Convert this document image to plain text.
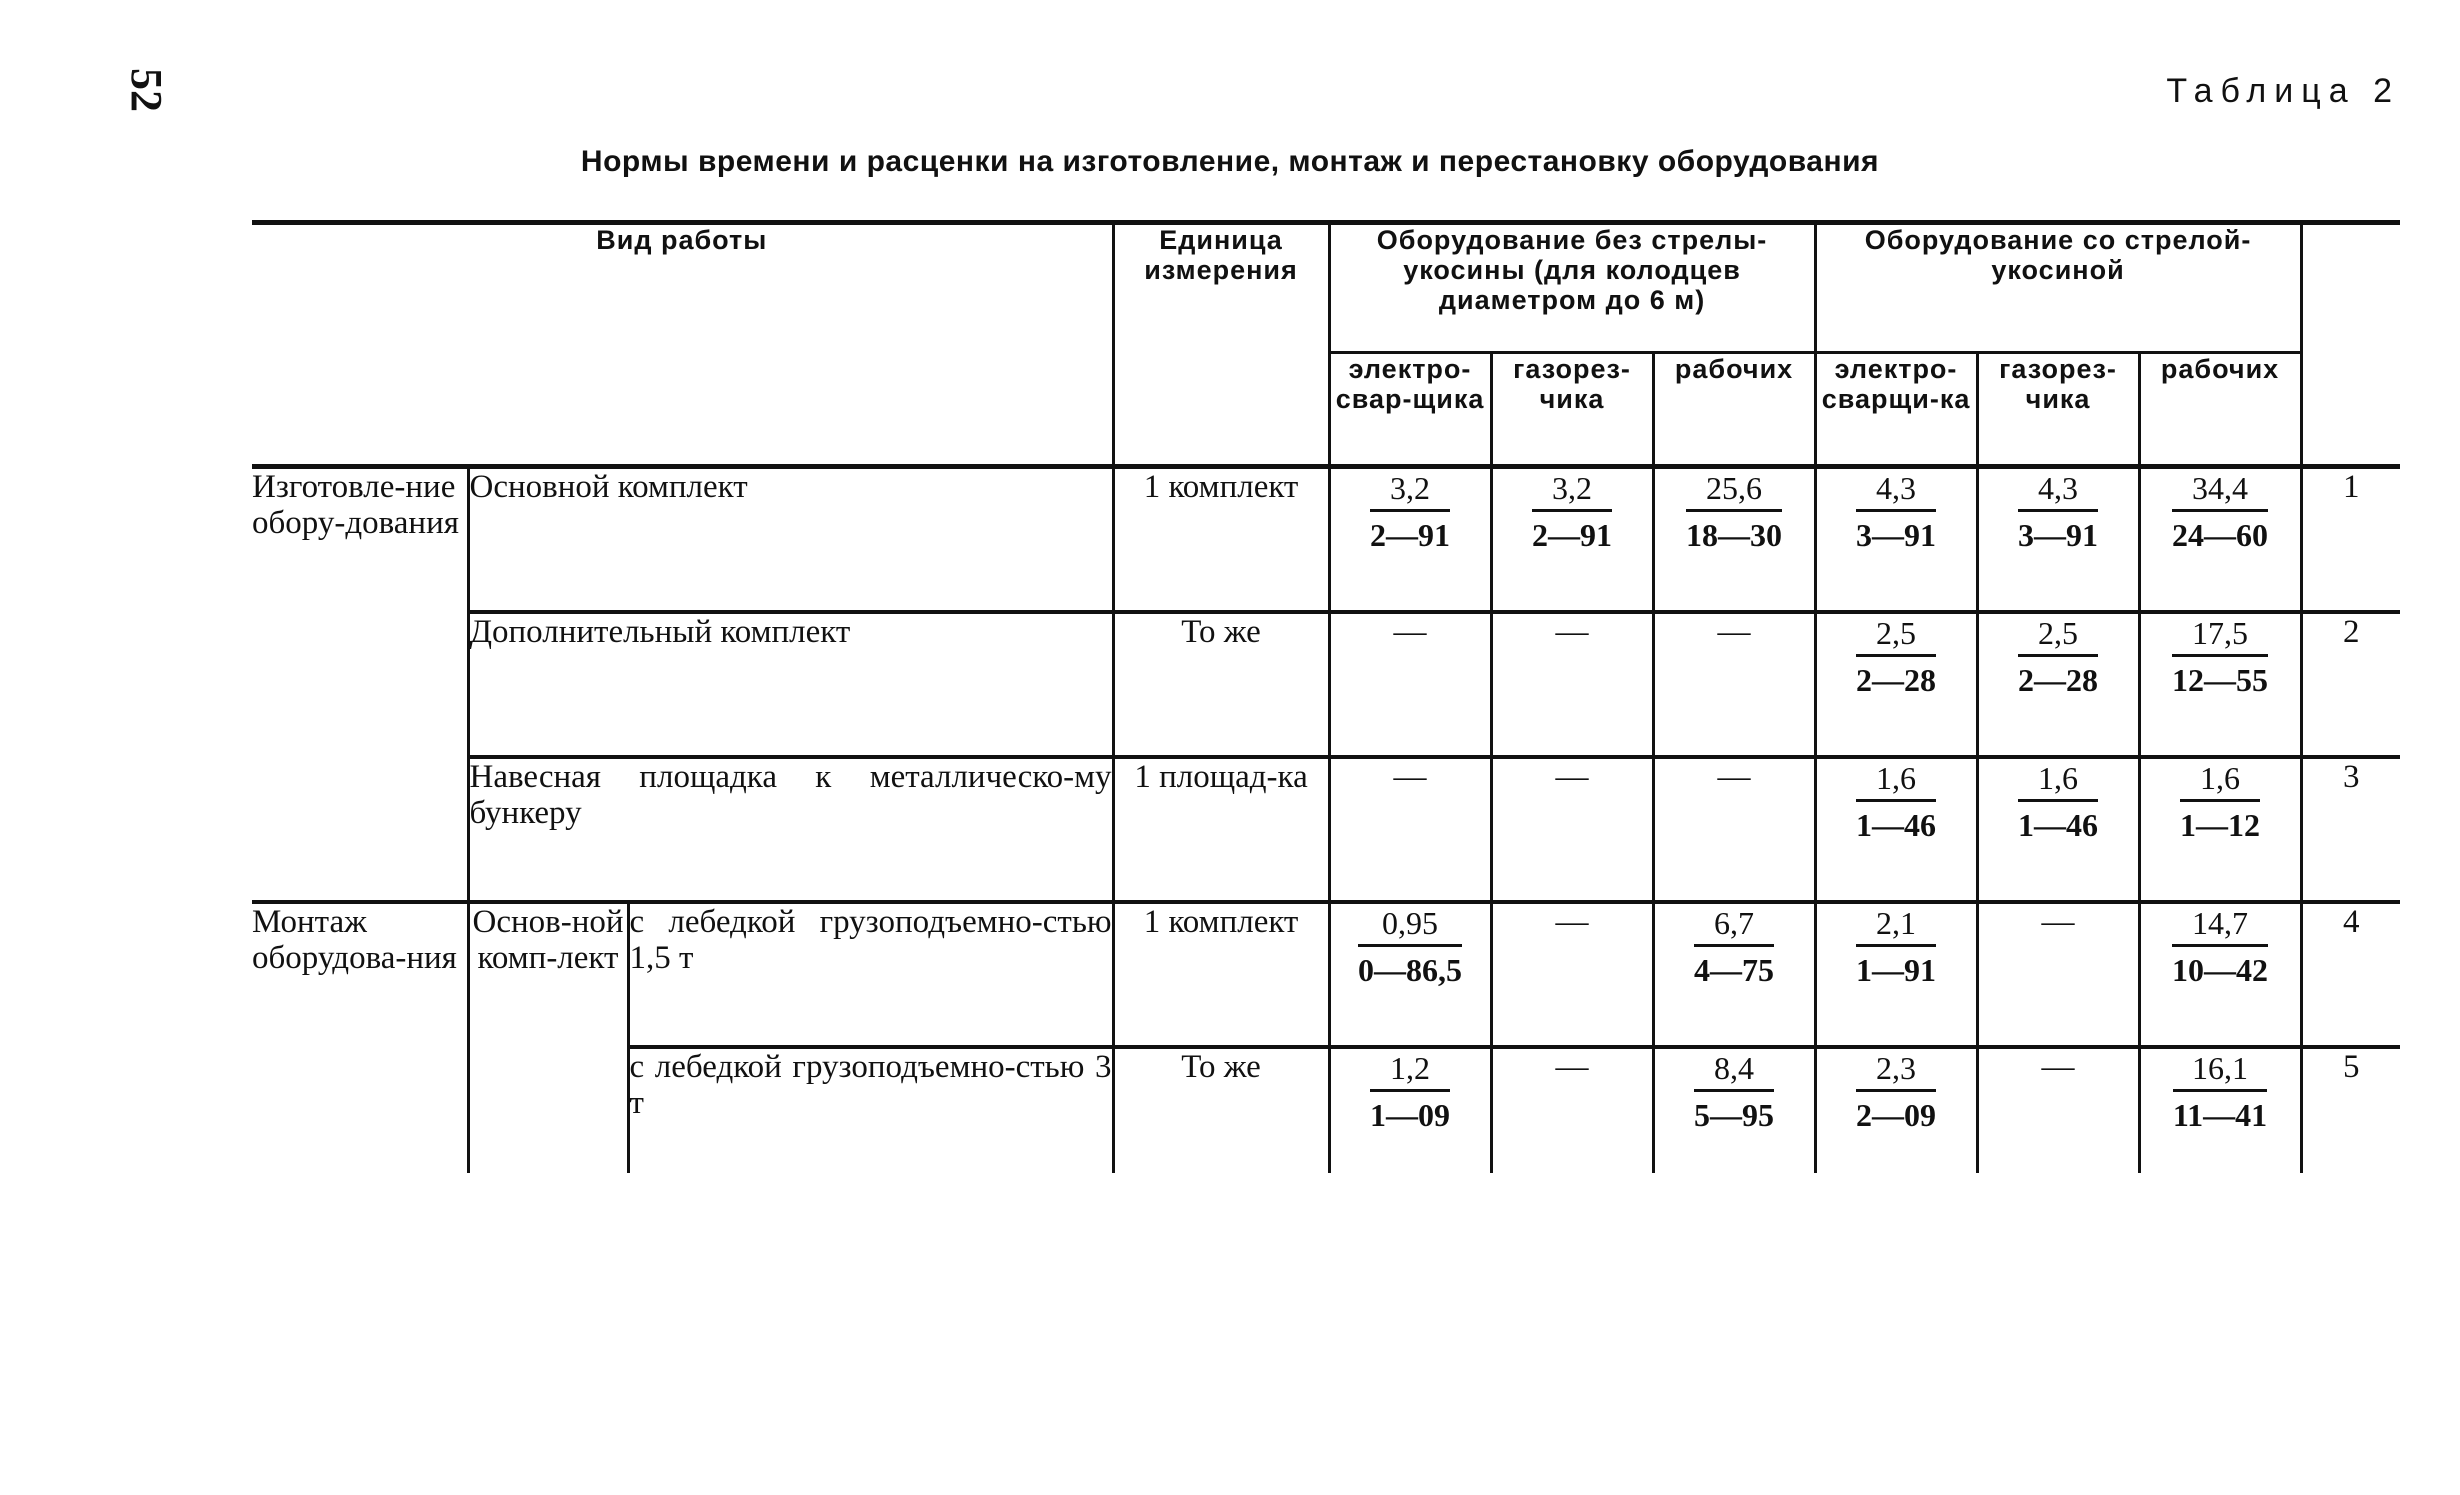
52	Таблица 2
Нормы времени и расценки на изготовление, монтаж и перестановку оборудования
Вид работы			Единица измерения	Оборудование без стрелы-укосины (для колодцев диаметром до 6 м)			Оборудование со стрелой-укосиной			
				электро-свар-щика	газорез-чика	рабочих	электро-сварщи-ка	газорез-чика	рабочих	
Изготовле-ние обору-дования	Основной комплект		1 комплект	$\frac{3,2}{2—91}$	$\frac{3,2}{2—91}$	$\frac{25,6}{18—30}$	$\frac{4,3}{3—91}$	$\frac{4,3}{3—91}$	$\frac{34,4}{24—60}$	1
	Дополнительный комплект		То же	—	—	—	$\frac{2,5}{2—28}$	$\frac{2,5}{2—28}$	$\frac{17,5}{12—55}$	2
	Навесная площадка к металлическо-му бункеру		1 площад-ка	—	—	—	$\frac{1,6}{1—46}$	$\frac{1,6}{1—46}$	$\frac{1,6}{1—12}$	3
Монтаж оборудова-ния	Основ-ной комп-лект	с лебедкой грузоподъемно-стью 1,5 т	1 комплект	$\frac{0,95}{0—86,5}$	—	$\frac{6,7}{4—75}$	$\frac{2,1}{1—91}$	—	$\frac{14,7}{10—42}$	4
		с лебедкой грузоподъемно-стью 3 т	То же	$\frac{1,2}{1—09}$	—	$\frac{8,4}{5—95}$	$\frac{2,3}{2—09}$	—	$\frac{16,1}{11—41}$	5
